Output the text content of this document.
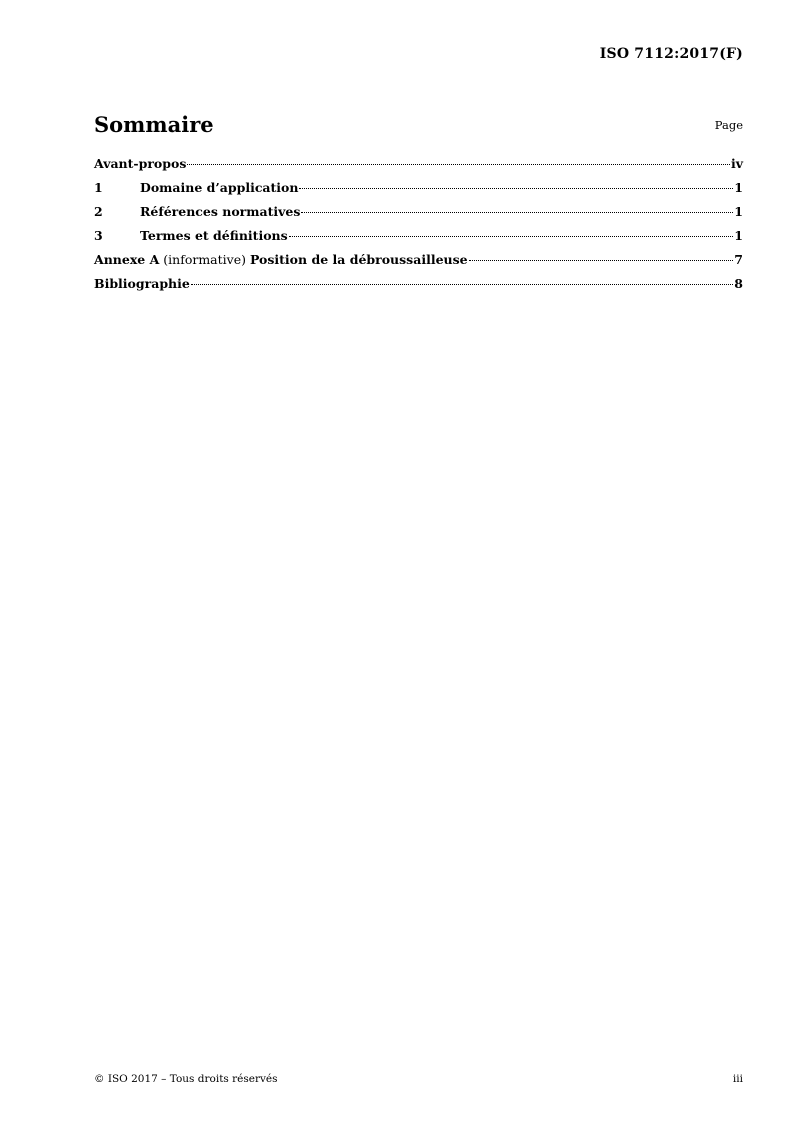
ISO 7112:2017(F)
Sommaire	Page
Avant-propos	iv
1	Domaine d’application	1
2	Références normatives	1
3	Termes et définitions	1
Annexe A (informative) Position de la débroussailleuse	7
Bibliographie	8
© ISO 2017 – Tous droits réservés	iii
